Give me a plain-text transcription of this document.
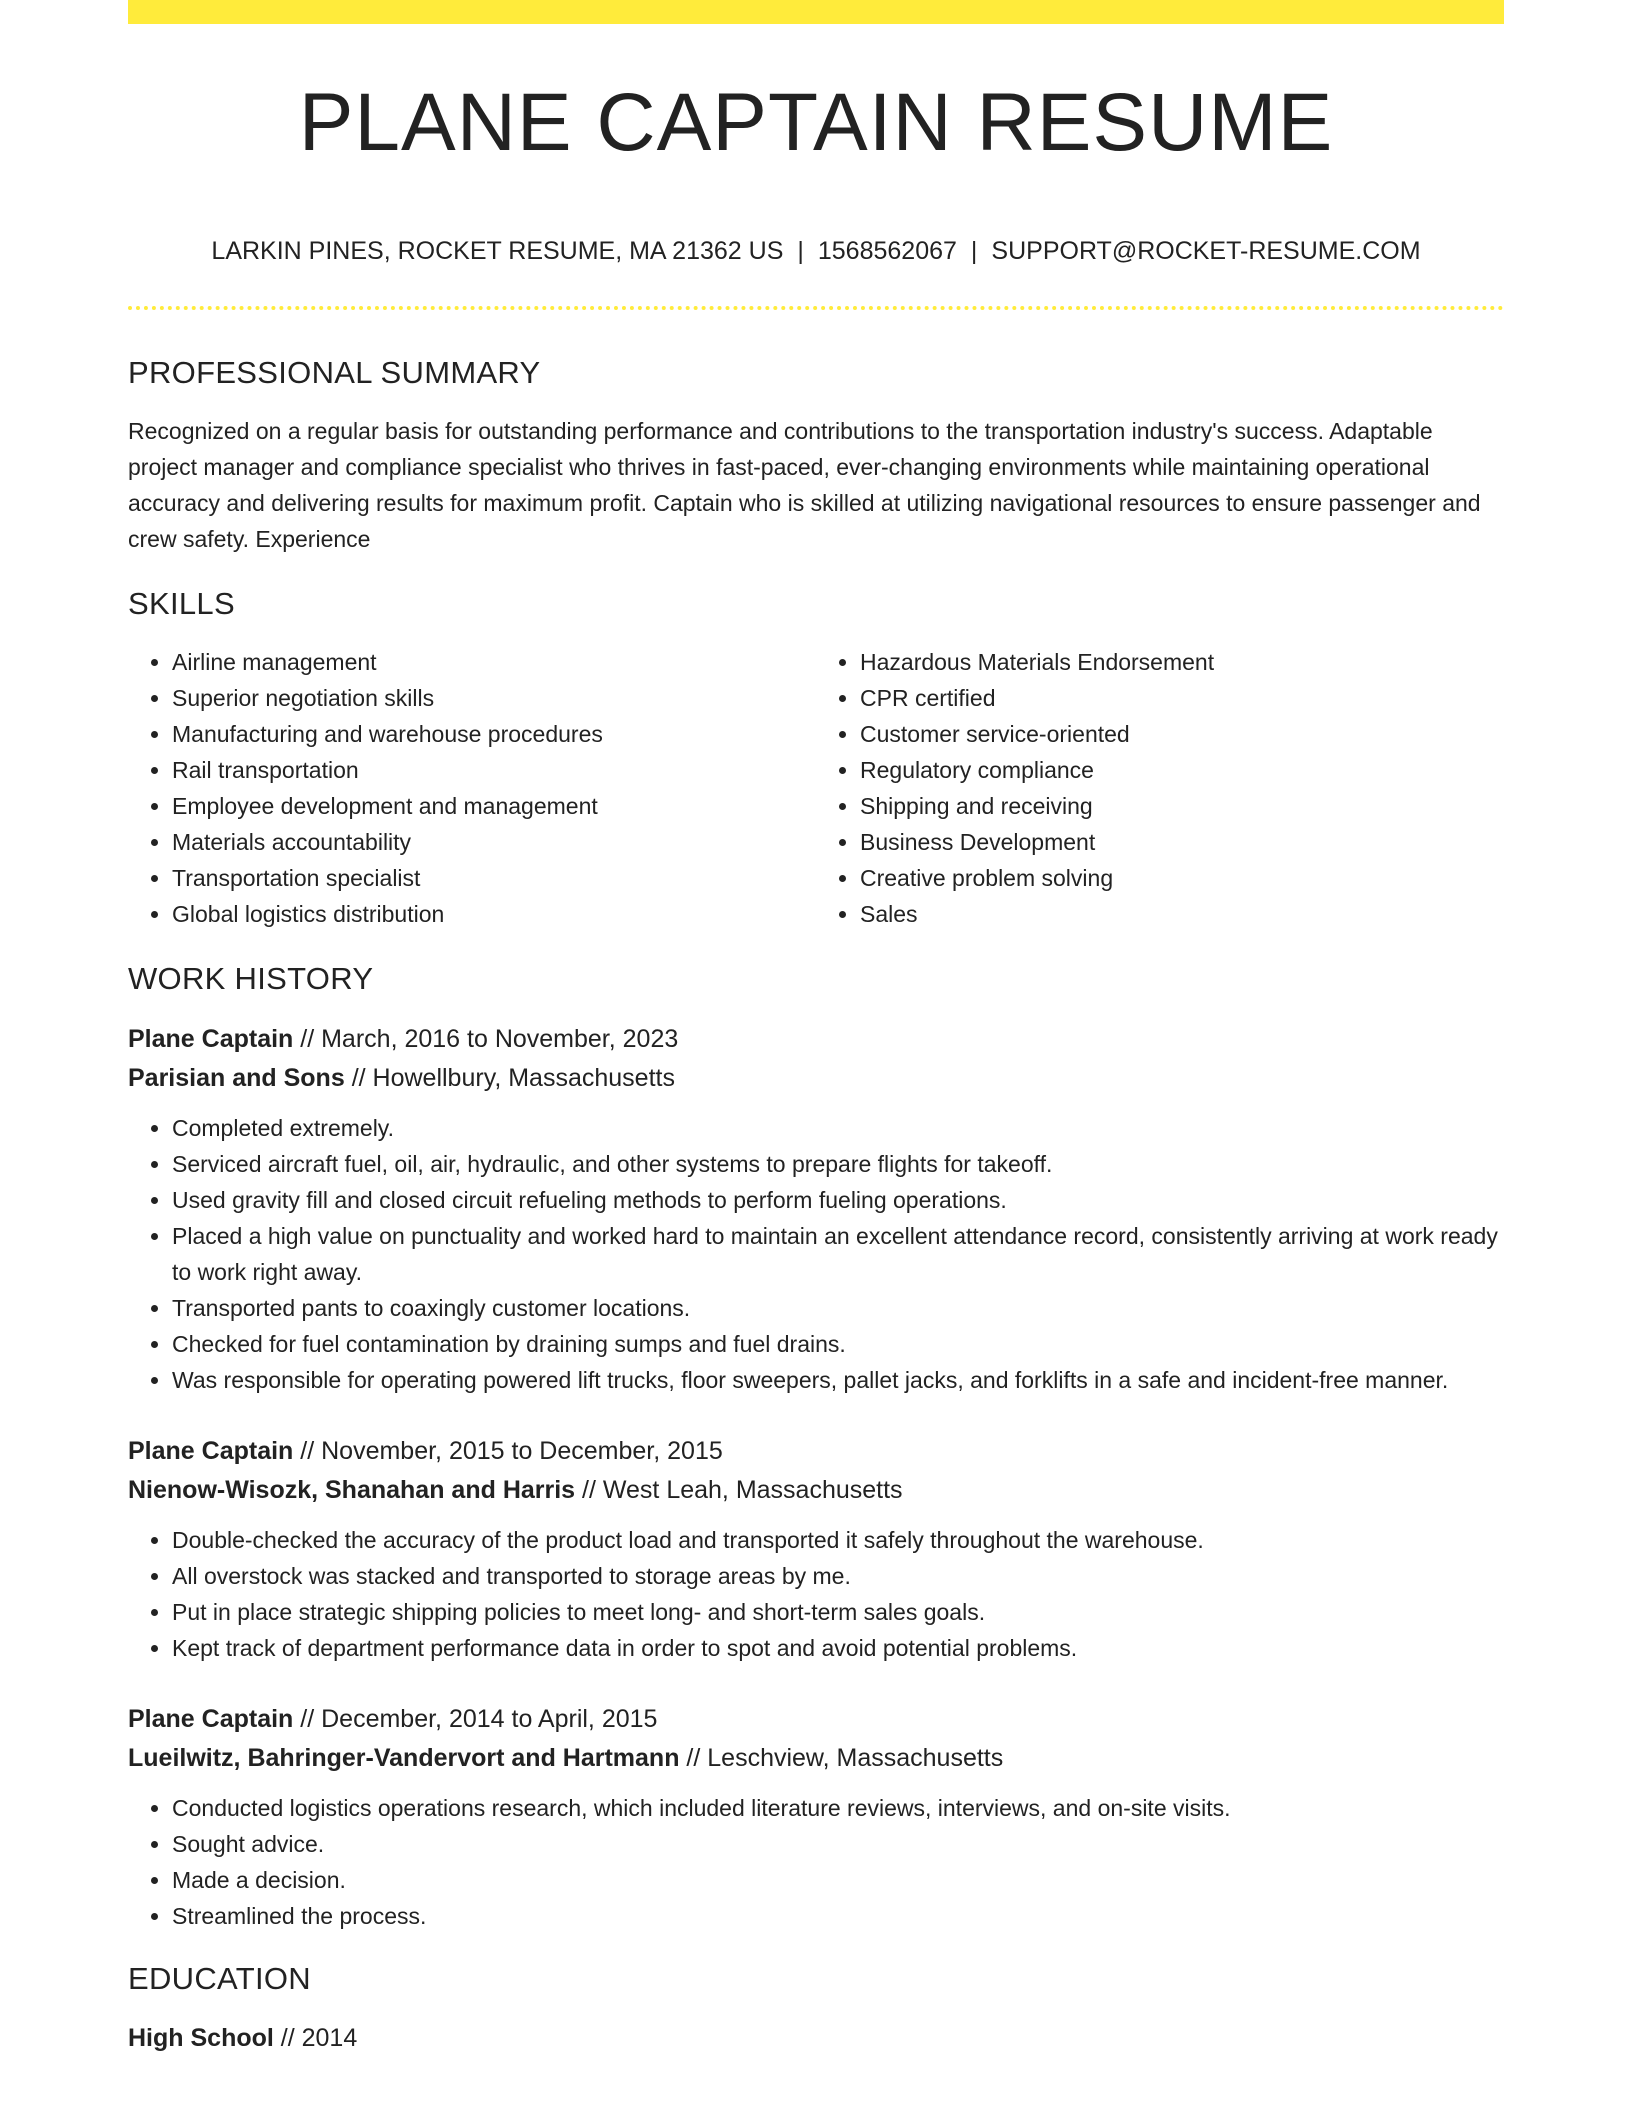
PLANE CAPTAIN RESUME
LARKIN PINES, ROCKET RESUME, MA 21362 US | 1568562067 | SUPPORT@ROCKET-RESUME.COM
PROFESSIONAL SUMMARY

Recognized on a regular basis for outstanding performance and contributions to the transportation industry's success. Adaptable project manager and compliance specialist who thrives in fast-paced, ever-changing environments while maintaining operational accuracy and delivering results for maximum profit. Captain who is skilled at utilizing navigational resources to ensure passenger and crew safety. Experience

SKILLS
• Airline management
• Superior negotiation skills
• Manufacturing and warehouse procedures
• Rail transportation
• Employee development and management
• Materials accountability
• Transportation specialist
• Global logistics distribution
• Hazardous Materials Endorsement
• CPR certified
• Customer service-oriented
• Regulatory compliance
• Shipping and receiving
• Business Development
• Creative problem solving
• Sales
WORK HISTORY
Plane Captain // March, 2016 to November, 2023
Parisian and Sons // Howellbury, Massachusetts
• Completed extremely.
• Serviced aircraft fuel, oil, air, hydraulic, and other systems to prepare flights for takeoff.
• Used gravity fill and closed circuit refueling methods to perform fueling operations.
• Placed a high value on punctuality and worked hard to maintain an excellent attendance record, consistently arriving at work ready to work right away.
• Transported pants to coaxingly customer locations.
• Checked for fuel contamination by draining sumps and fuel drains.
• Was responsible for operating powered lift trucks, floor sweepers, pallet jacks, and forklifts in a safe and incident-free manner.
Plane Captain // November, 2015 to December, 2015
Nienow-Wisozk, Shanahan and Harris // West Leah, Massachusetts
• Double-checked the accuracy of the product load and transported it safely throughout the warehouse.
• All overstock was stacked and transported to storage areas by me.
• Put in place strategic shipping policies to meet long- and short-term sales goals.
• Kept track of department performance data in order to spot and avoid potential problems.
Plane Captain // December, 2014 to April, 2015
Lueilwitz, Bahringer-Vandervort and Hartmann // Leschview, Massachusetts
• Conducted logistics operations research, which included literature reviews, interviews, and on-site visits.
• Sought advice.
• Made a decision.
• Streamlined the process.
EDUCATION
High School // 2014
